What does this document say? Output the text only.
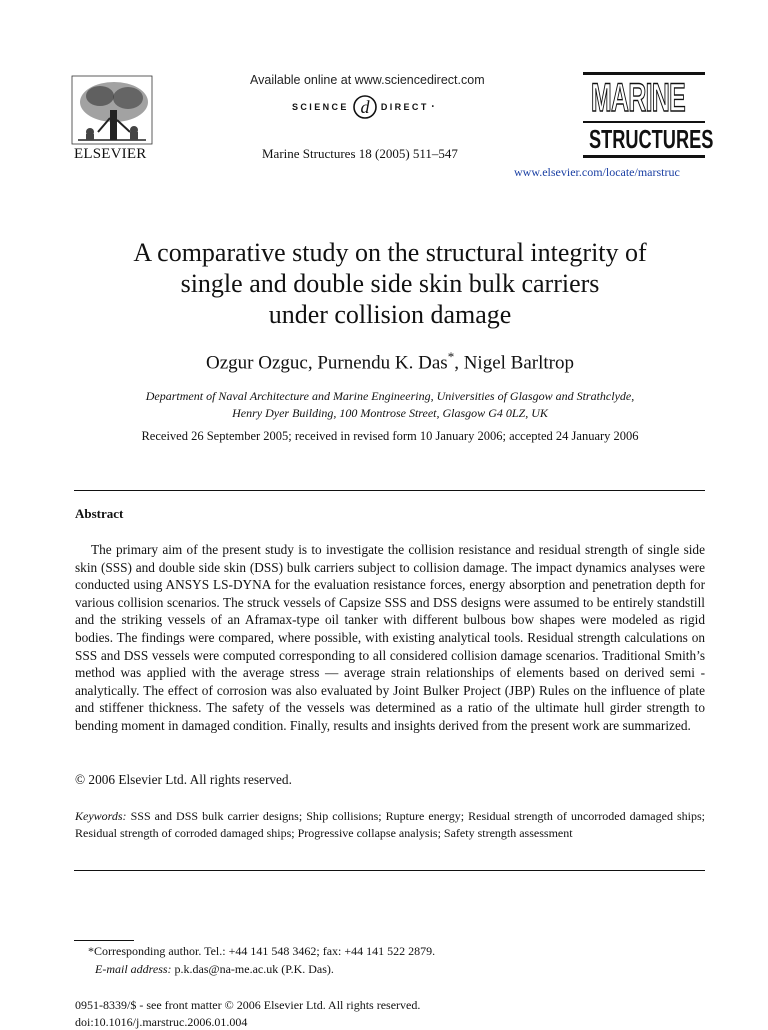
ELSEVIER
Available online at www.sciencedirect.com
SCIENCE d DIRECT •
Marine Structures 18 (2005) 511–547
MARINE
STRUCTURES
www.elsevier.com/locate/marstruc
A comparative study on the structural integrity of
single and double side skin bulk carriers
under collision damage
Ozgur Ozguc, Purnendu K. Das*, Nigel Barltrop
Department of Naval Architecture and Marine Engineering, Universities of Glasgow and Strathclyde,
Henry Dyer Building, 100 Montrose Street, Glasgow G4 0LZ, UK
Received 26 September 2005; received in revised form 10 January 2006; accepted 24 January 2006
Abstract

The primary aim of the present study is to investigate the collision resistance and residual strength of single side skin (SSS) and double side skin (DSS) bulk carriers subject to collision damage. The impact dynamics analyses were conducted using ANSYS LS-DYNA for the evaluation resistance forces, energy absorption and penetration depth for various collision scenarios. The struck vessels of Capsize SSS and DSS designs were assumed to be entirely standstill and the striking vessels of an Aframax-type oil tanker with different bulbous bow shapes were modeled as rigid bodies. The findings were compared, where possible, with existing analytical tools. Residual strength calculations on SSS and DSS vessels were computed corresponding to all considered collision damage scenarios. Traditional Smith’s method was applied with the average stress — average strain relationships of elements based on derived semi - analytically. The effect of corrosion was also evaluated by Joint Bulker Project (JBP) Rules on the influence of plate and stiffener thickness. The safety of the vessels was determined as a ratio of the ultimate hull girder strength to bending moment in damaged condition. Finally, results and insights derived from the present work are summarized.

© 2006 Elsevier Ltd. All rights reserved.

Keywords: SSS and DSS bulk carrier designs; Ship collisions; Rupture energy; Residual strength of uncorroded damaged ships; Residual strength of corroded damaged ships; Progressive collapse analysis; Safety strength assessment

*Corresponding author. Tel.: +44 141 548 3462; fax: +44 141 522 2879.
E-mail address: p.k.das@na-me.ac.uk (P.K. Das).
0951-8339/$ - see front matter © 2006 Elsevier Ltd. All rights reserved.
doi:10.1016/j.marstruc.2006.01.004
